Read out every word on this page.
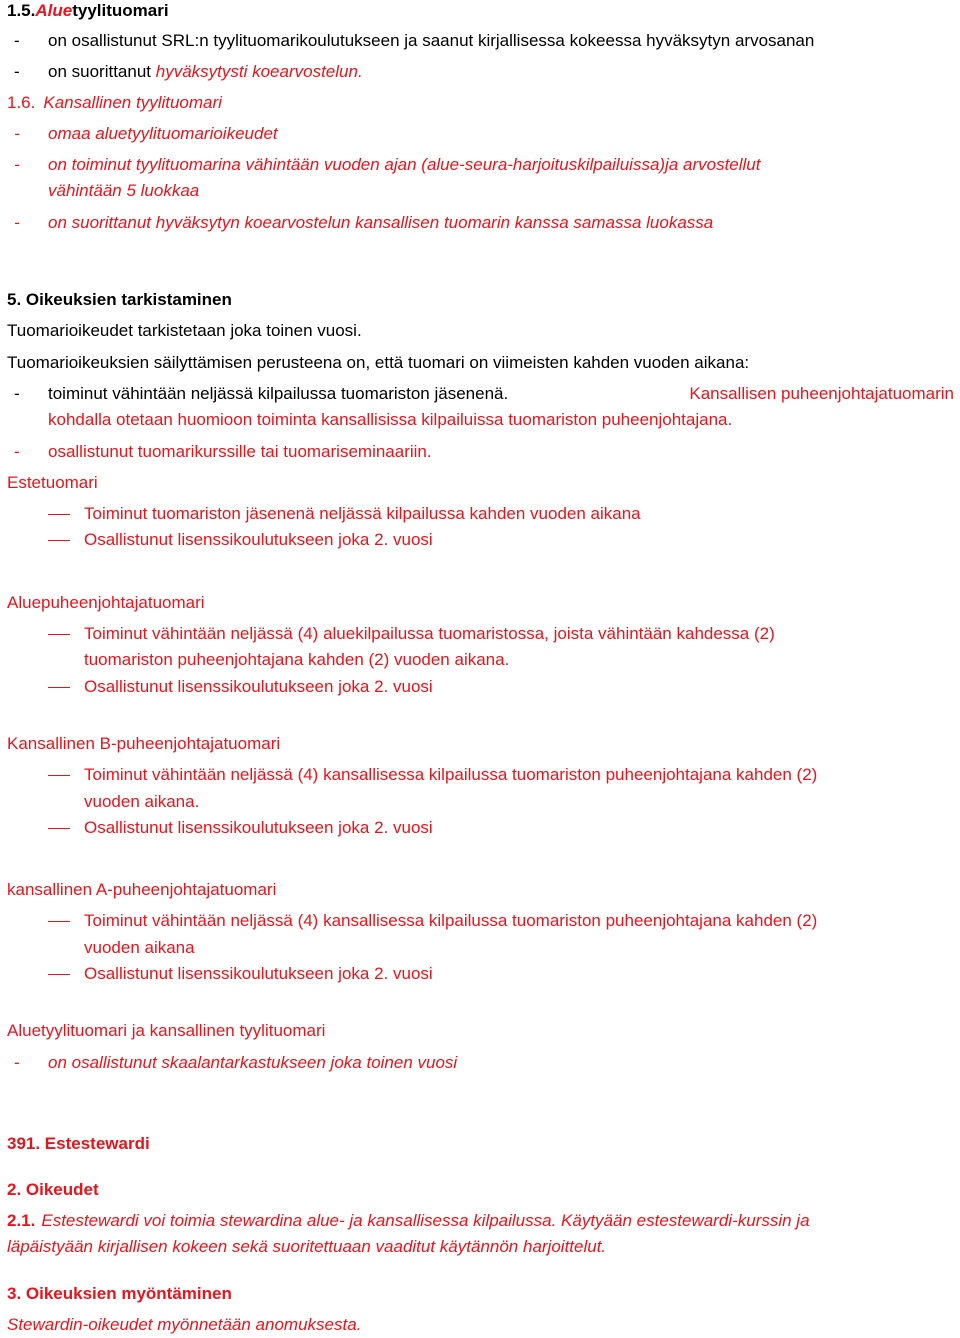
1.5.Aluetyylituomari
- on osallistunut SRL:n tyylituomarikoulutukseen ja saanut kirjallisessa kokeessa hyväksytyn arvosanan
- on suorittanut hyväksytysti koearvostelun.
1.6. Kansallinen tyylituomari
- omaa aluetyylituomarioikeudet
- on toiminut tyylituomarina vähintään vuoden ajan (alue-seura-harjoituskilpailuissa)ja arvostellut
vähintään 5 luokkaa
- on suorittanut hyväksytyn koearvostelun kansallisen tuomarin kanssa samassa luokassa
5. Oikeuksien tarkistaminen
Tuomarioikeudet tarkistetaan joka toinen vuosi.
Tuomarioikeuksien säilyttämisen perusteena on, että tuomari on viimeisten kahden vuoden aikana:
- toiminut vähintään neljässä kilpailussa tuomariston jäsenenä.	Kansallisen puheenjohtajatuomarin
kohdalla otetaan huomioon toiminta kansallisissa kilpailuissa tuomariston puheenjohtajana.
- osallistunut tuomarikurssille tai tuomariseminaariin.
Estetuomari
Toiminut tuomariston jäsenenä neljässä kilpailussa kahden vuoden aikana
Osallistunut lisenssikoulutukseen joka 2. vuosi
Aluepuheenjohtajatuomari
Toiminut vähintään neljässä (4) aluekilpailussa tuomaristossa, joista vähintään kahdessa (2)
tuomariston puheenjohtajana kahden (2) vuoden aikana.
Osallistunut lisenssikoulutukseen joka 2. vuosi
Kansallinen B-puheenjohtajatuomari
Toiminut vähintään neljässä (4) kansallisessa kilpailussa tuomariston puheenjohtajana kahden (2)
vuoden aikana.
Osallistunut lisenssikoulutukseen joka 2. vuosi
kansallinen A-puheenjohtajatuomari
Toiminut vähintään neljässä (4) kansallisessa kilpailussa tuomariston puheenjohtajana kahden (2)
vuoden aikana
Osallistunut lisenssikoulutukseen joka 2. vuosi
Aluetyylituomari ja kansallinen tyylituomari
- on osallistunut skaalantarkastukseen joka toinen vuosi
391. Estestewardi
2. Oikeudet
2.1. Estestewardi voi toimia stewardina alue- ja kansallisessa kilpailussa. Käytyään estestewardi-kurssin ja
läpäistyään kirjallisen kokeen sekä suoritettuaan vaaditut käytännön harjoittelut.
3. Oikeuksien myöntäminen
Stewardin-oikeudet myönnetään anomuksesta.
